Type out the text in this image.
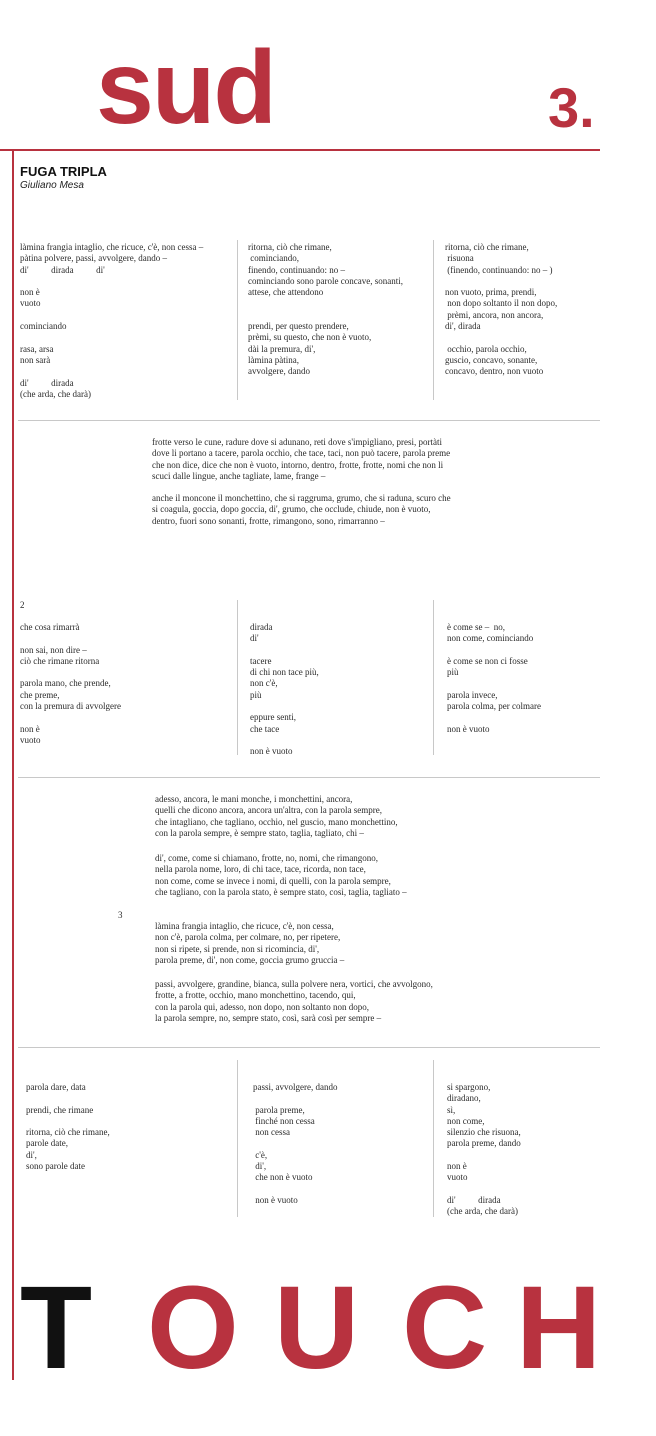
sud	3.
FUGA TRIPLA
Giuliano Mesa
làmina frangia intaglio, che ricuce, c'è, non cessa –
pàtina polvere, passi, avvolgere, dando –
di'          dirada          di'

non è
vuoto

cominciando

rasa, arsa
non sarà

di'          dirada
(che arda, che darà)
ritorna, ciò che rimane,
cominciando,
finendo, continuando: no –
cominciando sono parole concave, sonanti,
attese, che attendono

prendi, per questo prendere,
prèmi, su questo, che non è vuoto,
dài la premura, di',
làmina pàtina,
avvolgere, dando
ritorna, ciò che rimane,
risuona
(finendo, continuando: no – )

non vuoto, prima, prendi,
non dopo soltanto il non dopo,
prèmi, ancora, non ancora,
di', dirada

occhio, parola occhio,
guscio, concavo, sonante,
concavo, dentro, non vuoto

frotte verso le cune, radure dove si adunano, reti dove s'impigliano, presi, portàti dove li portano a tacere, parola occhio, che tace, taci, non può tacere, parola preme che non dice, dice che non è vuoto, intorno, dentro, frotte, frotte, nomi che non li scuci dalle lingue, anche tagliate, lame, frange –

anche il moncone il monchettino, che si raggruma, grumo, che si raduna, scuro che si coagula, goccia, dopo goccia, di', grumo, che occlude, chiude, non è vuoto, dentro, fuori sono sonanti, frotte, rimangono, sono, rimarranno –

2
che cosa rimarrà

non sai, non dire –
ciò che rimane ritorna

parola mano, che prende,
che preme,
con la premura di avvolgere

non è
vuoto
dirada
di'

tacere
di chi non tace più,
non c'è,
più

eppure senti,
che tace

non è vuoto
è come se –  no,
non come, cominciando

è come se non ci fosse
più

parola invece,
parola colma, per colmare

non è vuoto
3
adesso, ancora, le mani monche, i monchettini, ancora,
quelli che dicono ancora, ancora un'altra, con la parola sempre,
che intagliano, che tagliano, occhio, nel guscio, mano monchettino,
con la parola sempre, è sempre stato, taglia, tagliato, chi –
di', come, come si chiamano, frotte, no, nomi, che rimangono,
nella parola nome, loro, di chi tace, tace, ricorda, non tace,
non come, come se invece i nomi, di quelli, con la parola sempre,
che tagliano, con la parola stato, è sempre stato, così, taglia, tagliato –
làmina frangia intaglio, che ricuce, c'è, non cessa,
non c'è, parola colma, per colmare, no, per ripetere,
non si ripete, si prende, non si ricomincia, di',
parola preme, di', non come, goccia grumo gruccia –
passi, avvolgere, grandine, bianca, sulla polvere nera, vortici, che avvolgono,
frotte, a frotte, occhio, mano monchettino, tacendo, qui,
con la parola qui, adesso, non dopo, non soltanto non dopo,
la parola sempre, no, sempre stato, così, sarà così per sempre –
parola dare, data

prendi, che rimane

ritorna, ciò che rimane,
parole date,
di',
sono parole date
passi, avvolgere, dando

parola preme,
finché non cessa
non cessa

c'è,
di',
che non è vuoto

non è vuoto
si spargono,
diradano,
sì,
non come,
silenzio che risuona,
parola preme, dando

non è
vuoto

di'          dirada
(che arda, che darà)
T O U C H
